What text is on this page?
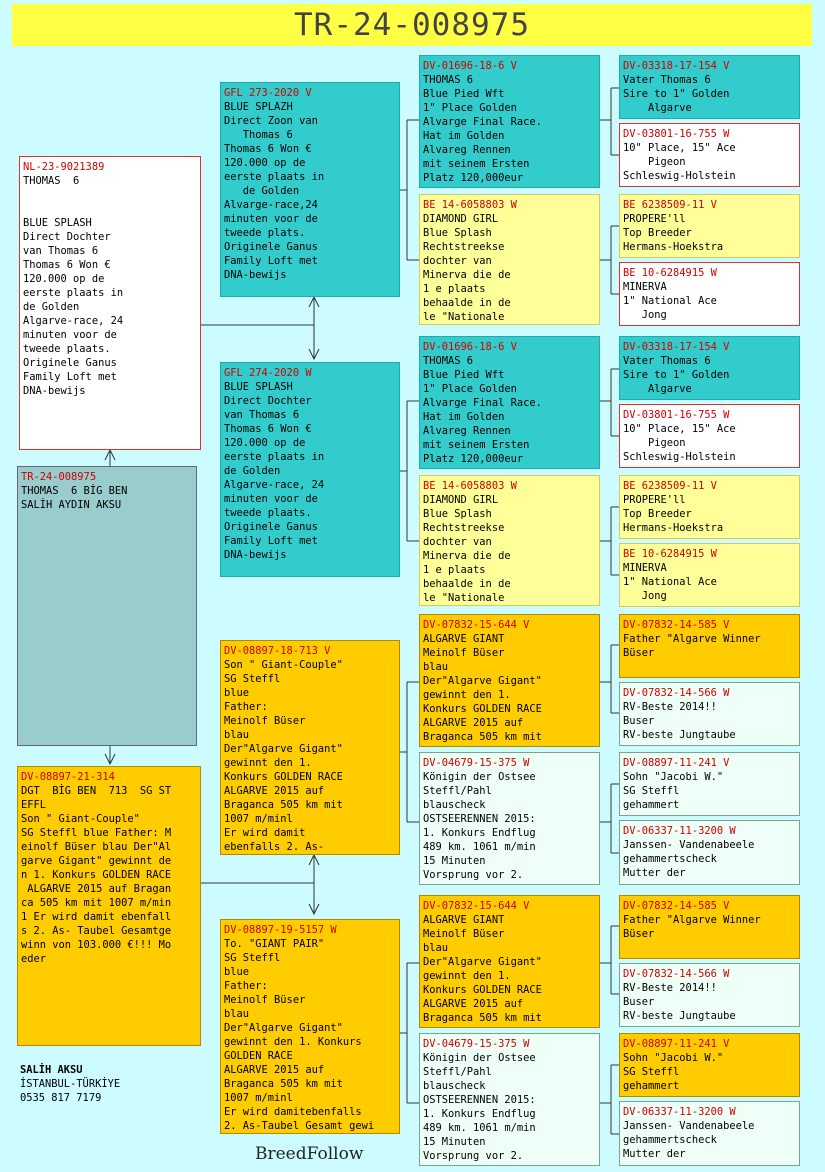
TR-24-008975
NL-23-9021389
THOMAS  6

BLUE SPLASH
Direct Dochter
van Thomas 6
Thomas 6 Won €
120.000 op de
eerste plaats in
de Golden
Algarve-race, 24
minuten voor de
tweede plaats.
Originele Ganus
Family Loft met
DNA-bewijs
TR-24-008975
THOMAS  6 BİG BEN
SALİH AYDIN AKSU
DV-08897-21-314
DGT  BİG BEN  713  SG ST
EFFL
Son " Giant-Couple"
SG Steffl blue Father: M
einolf Büser blau Der"Al
garve Gigant" gewinnt de
n 1. Konkurs GOLDEN RACE
ALGARVE 2015 auf Bragan
ca 505 km mit 1007 m/min
1 Er wird damit ebenfall
s 2. As- Taubel Gesamtge
winn von 103.000 €!!! Mo
eder
GFL 273-2020 V
BLUE SPLAZH
Direct Zoon van
Thomas 6
Thomas 6 Won €
120.000 op de
eerste plaats in
de Golden
Alvarge-race,24
minuten voor de
tweede plats.
Originele Ganus
Family Loft met
DNA-bewijs
GFL 274-2020 W
BLUE SPLASH
Direct Dochter
van Thomas 6
Thomas 6 Won €
120.000 op de
eerste plaats in
de Golden
Algarve-race, 24
minuten voor de
tweede plaats.
Originele Ganus
Family Loft met
DNA-bewijs
DV-08897-18-713 V
Son " Giant-Couple"
SG Steffl
blue
Father:
Meinolf Büser
blau
Der"Algarve Gigant"
gewinnt den 1.
Konkurs GOLDEN RACE
ALGARVE 2015 auf
Braganca 505 km mit
1007 m/minl
Er wird damit
ebenfalls 2. As-
DV-08897-19-5157 W
To. "GIANT PAIR"
SG Steffl
blue
Father:
Meinolf Büser
blau
Der"Algarve Gigant"
gewinnt den 1. Konkurs
GOLDEN RACE
ALGARVE 2015 auf
Braganca 505 km mit
1007 m/minl
Er wird damitebenfalls
2. As-Taubel Gesamt gewi
DV-01696-18-6 V
THOMAS 6
Blue Pied Wft
1" Place Golden
Alvarge Final Race.
Hat im Golden
Alvareg Rennen
mit seinem Ersten
Platz 120,000eur
BE 14-6058803 W
DIAMOND GIRL
Blue Splash
Rechtstreekse
dochter van
Minerva die de
1 e plaats
behaalde in de
le "Nationale
DV-01696-18-6 V
THOMAS 6
Blue Pied Wft
1" Place Golden
Alvarge Final Race.
Hat im Golden
Alvareg Rennen
mit seinem Ersten
Platz 120,000eur
BE 14-6058803 W
DIAMOND GIRL
Blue Splash
Rechtstreekse
dochter van
Minerva die de
1 e plaats
behaalde in de
le "Nationale
DV-07832-15-644 V
ALGARVE GIANT
Meinolf Büser
blau
Der"Algarve Gigant"
gewinnt den 1.
Konkurs GOLDEN RACE
ALGARVE 2015 auf
Braganca 505 km mit
DV-04679-15-375 W
Königin der Ostsee
Steffl/Pahl
blauscheck
OSTSEERENNEN 2015:
1. Konkurs Endflug
489 km. 1061 m/min
15 Minuten
Vorsprung vor 2.
DV-07832-15-644 V
ALGARVE GIANT
Meinolf Büser
blau
Der"Algarve Gigant"
gewinnt den 1.
Konkurs GOLDEN RACE
ALGARVE 2015 auf
Braganca 505 km mit
DV-04679-15-375 W
Königin der Ostsee
Steffl/Pahl
blauscheck
OSTSEERENNEN 2015:
1. Konkurs Endflug
489 km. 1061 m/min
15 Minuten
Vorsprung vor 2.
DV-03318-17-154 V
Vater Thomas 6
Sire to 1" Golden
Algarve
DV-03801-16-755 W
10" Place, 15" Ace
Pigeon
Schleswig-Holstein
BE 6238509-11 V
PROPERE'll
Top Breeder
Hermans-Hoekstra
BE 10-6284915 W
MINERVA
1" National Ace
Jong
DV-03318-17-154 V
Vater Thomas 6
Sire to 1" Golden
Algarve
DV-03801-16-755 W
10" Place, 15" Ace
Pigeon
Schleswig-Holstein
BE 6238509-11 V
PROPERE'll
Top Breeder
Hermans-Hoekstra
BE 10-6284915 W
MINERVA
1" National Ace
Jong
DV-07832-14-585 V
Father "Algarve Winner
Büser
DV-07832-14-566 W
RV-Beste 2014!!
Buser
RV-beste Jungtaube
DV-08897-11-241 V
Sohn "Jacobi W."
SG Steffl
gehammert
DV-06337-11-3200 W
Janssen- Vandenabeele
gehammertscheck
Mutter der
DV-07832-14-585 V
Father "Algarve Winner
Büser
DV-07832-14-566 W
RV-Beste 2014!!
Buser
RV-beste Jungtaube
DV-08897-11-241 V
Sohn "Jacobi W."
SG Steffl
gehammert
DV-06337-11-3200 W
Janssen- Vandenabeele
gehammertscheck
Mutter der
SALİH AKSU
İSTANBUL-TÜRKİYE
0535 817 7179
BreedFollow
